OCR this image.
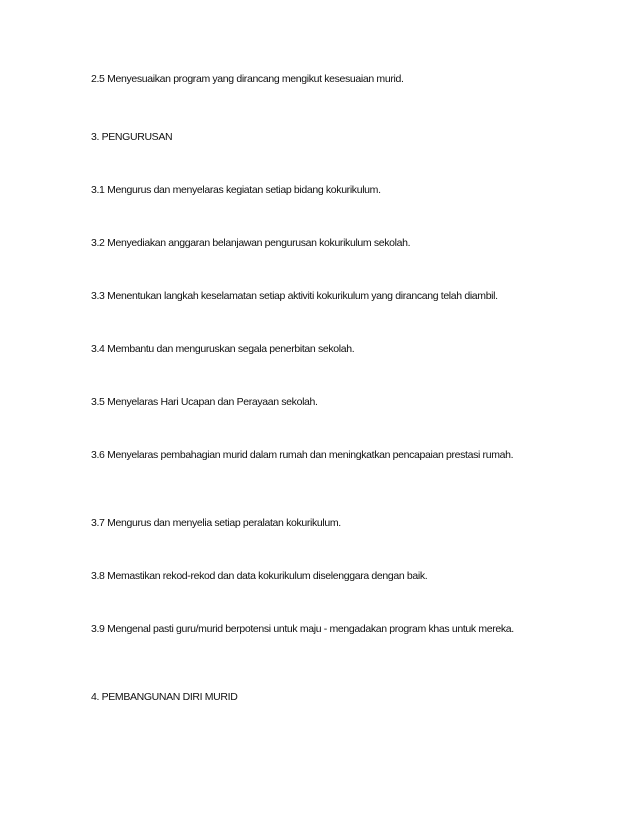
2.5 Menyesuaikan program yang dirancang mengikut kesesuaian murid.

3. PENGURUSAN

3.1 Mengurus dan menyelaras kegiatan setiap bidang kokurikulum.

3.2 Menyediakan anggaran belanjawan pengurusan kokurikulum sekolah.

3.3 Menentukan langkah keselamatan setiap aktiviti kokurikulum yang dirancang telah diambil.

3.4 Membantu dan menguruskan segala penerbitan sekolah.

3.5 Menyelaras Hari Ucapan dan Perayaan sekolah.

3.6 Menyelaras pembahagian murid dalam rumah dan meningkatkan pencapaian prestasi rumah.

3.7 Mengurus dan menyelia setiap peralatan kokurikulum.

3.8 Memastikan rekod-rekod dan data kokurikulum diselenggara dengan baik.

3.9 Mengenal pasti guru/murid berpotensi untuk maju - mengadakan program khas untuk mereka.

4. PEMBANGUNAN DIRI MURID
